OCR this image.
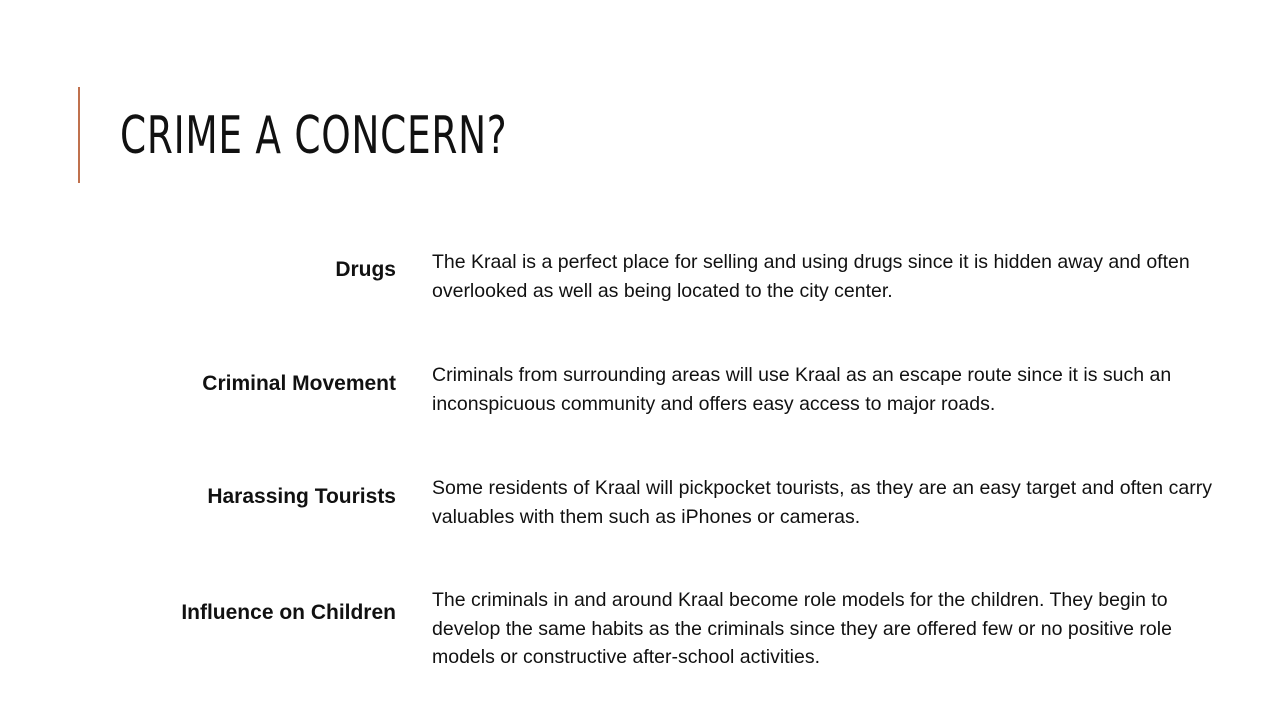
CRIME A CONCERN?
Drugs The Kraal is a perfect place for selling and using drugs since it is hidden away and often overlooked as well as being located to the city center.

Criminal Movement Criminals from surrounding areas will use Kraal as an escape route since it is such an inconspicuous community and offers easy access to major roads.

Harassing Tourists Some residents of Kraal will pickpocket tourists, as they are an easy target and often carry valuables with them such as iPhones or cameras.

Influence on Children

The criminals in and around Kraal become role models for the children. They begin to develop the same habits as the criminals since they are offered few or no positive role models or constructive after-school activities.
